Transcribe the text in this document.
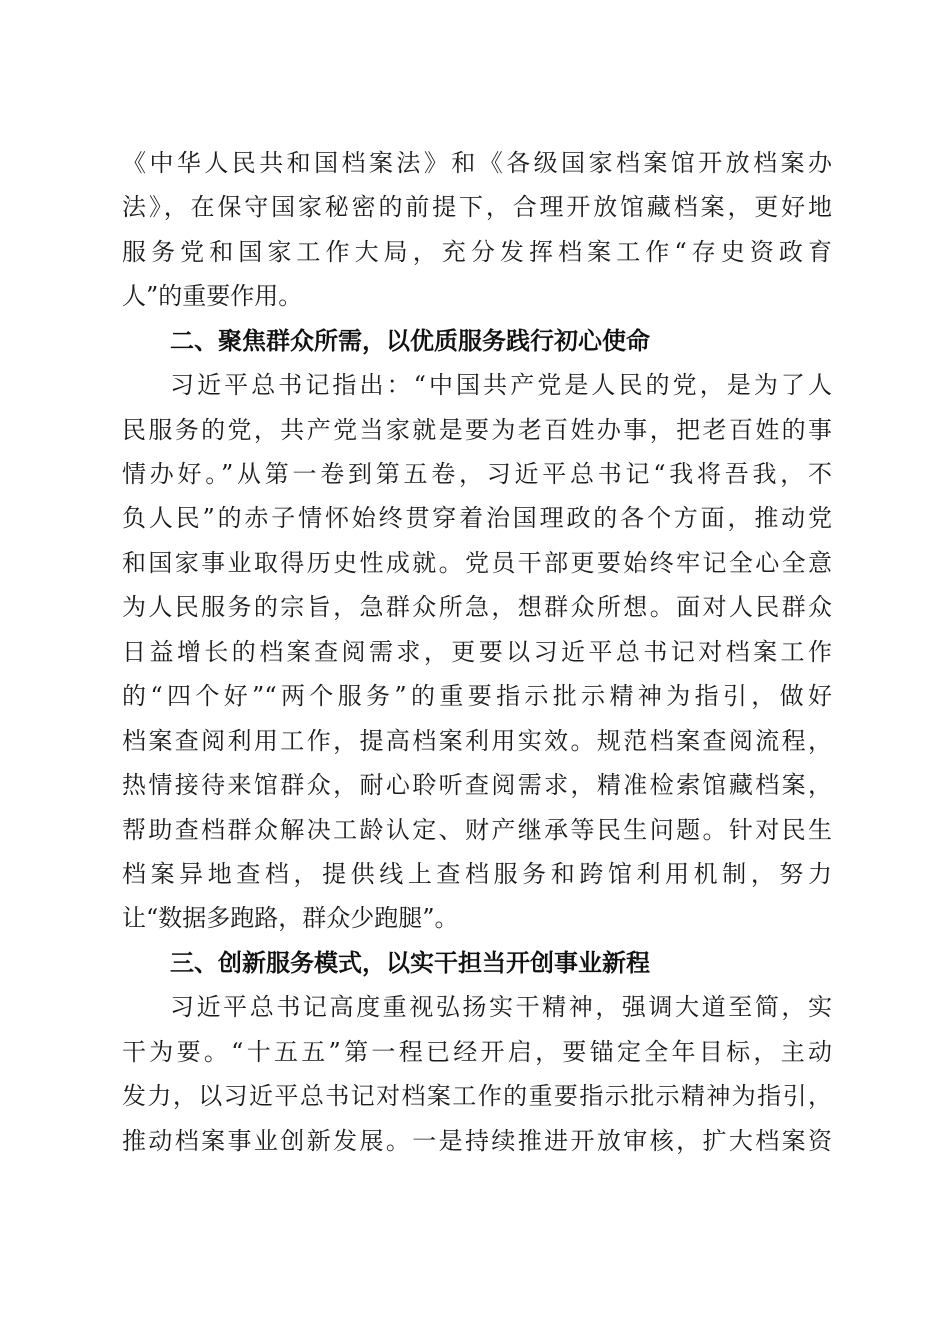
《中华人民共和国档案法》和《各级国家档案馆开放档案办
法》，在保守国家秘密的前提下，合理开放馆藏档案，更好地
服务党和国家工作大局，充分发挥档案工作“存史资政育
人”的重要作用。
二、聚焦群众所需，以优质服务践行初心使命
习近平总书记指出：“中国共产党是人民的党，是为了人
民服务的党，共产党当家就是要为老百姓办事，把老百姓的事
情办好。”从第一卷到第五卷，习近平总书记“我将吾我，不
负人民”的赤子情怀始终贯穿着治国理政的各个方面，推动党
和国家事业取得历史性成就。党员干部更要始终牢记全心全意
为人民服务的宗旨，急群众所急，想群众所想。面对人民群众
日益增长的档案查阅需求，更要以习近平总书记对档案工作
的“四个好”“两个服务”的重要指示批示精神为指引，做好
档案查阅利用工作，提高档案利用实效。规范档案查阅流程，
热情接待来馆群众，耐心聆听查阅需求，精准检索馆藏档案，
帮助查档群众解决工龄认定、财产继承等民生问题。针对民生
档案异地查档，提供线上查档服务和跨馆利用机制，努力
让“数据多跑路，群众少跑腿”。
三、创新服务模式，以实干担当开创事业新程
习近平总书记高度重视弘扬实干精神，强调大道至简，实
干为要。“十五五”第一程已经开启，要锚定全年目标，主动
发力，以习近平总书记对档案工作的重要指示批示精神为指引，
推动档案事业创新发展。一是持续推进开放审核，扩大档案资
